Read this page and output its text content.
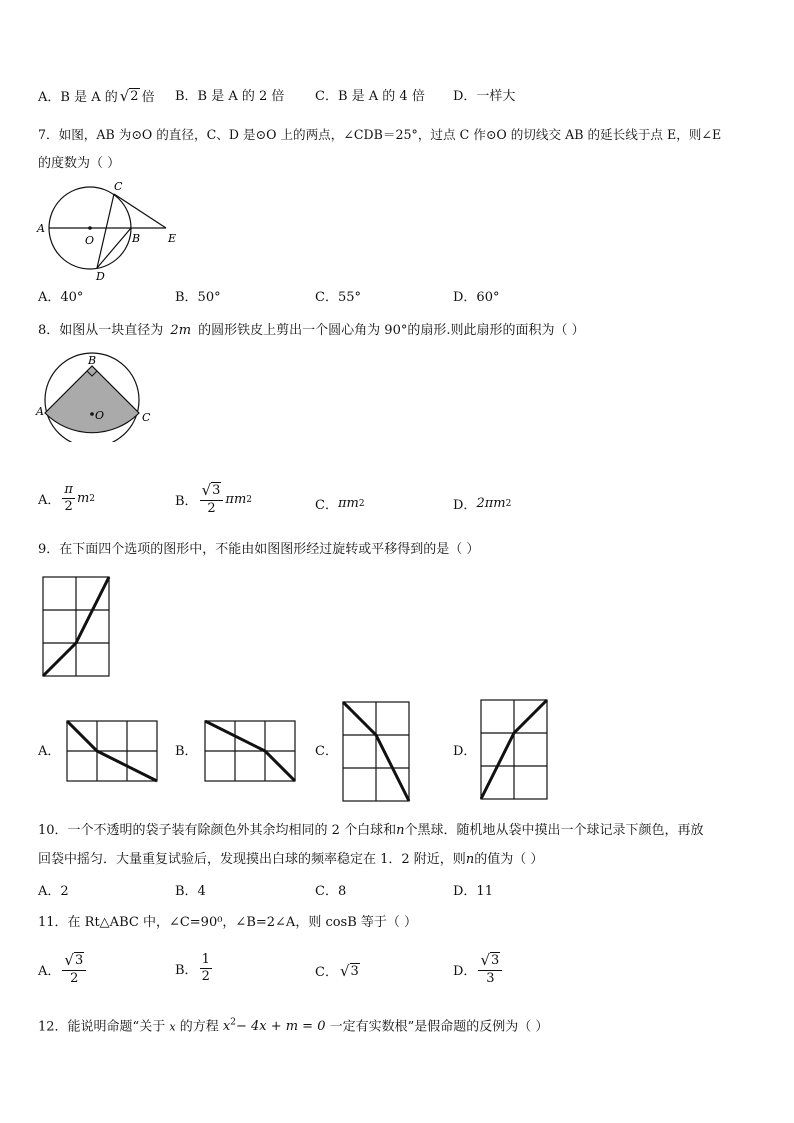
A．B 是 A 的 √ 2 倍 B．B 是 A 的 2 倍 C．B 是 A 的 4 倍 D．一样大
7．如图，AB 为⊙O 的直径，C、D 是⊙O 上的两点，∠CDB＝25°，过点 C 作⊙O 的切线交 AB 的延长线于点 E，则∠E
的度数为（ ）
C
A
O	B	E
D
A．40°	B．50°	C．55°	D．60°
8．如图从一块直径为 2m 的圆形铁皮上剪出一个圆心角为 90°的扇形.则此扇形的面积为（ ）
B
A	O	C
A． $\frac{\pi}{2}$ m 2	B． $\frac{√ 3}{2}$ πm 2	C． πm 2	D． 2πm 2
9．在下面四个选项的图形中，不能由如图图形经过旋转或平移得到的是（ ）
A．	B．	C．	D．
10．一个不透明的袋子装有除颜色外其余均相同的 2 个白球和n个黑球．随机地从袋中摸出一个球记录下颜色，再放
回袋中摇匀．大量重复试验后，发现摸出白球的频率稳定在 1．2 附近，则n的值为（ ）
A．2	B．4	C．8	D．11
11．在 Rt△ABC 中，∠C=90⁰，∠B=2∠A，则 cosB 等于（ ）
A． $\frac{√ 3}{2}$	B． $\frac{1}{2}$	C． √ 3	D． $\frac{√ 3}{3}$
12．能说明命题“关于 x 的方程 $x^2- 4x + m = 0$ 一定有实数根”是假命题的反例为（ ）
